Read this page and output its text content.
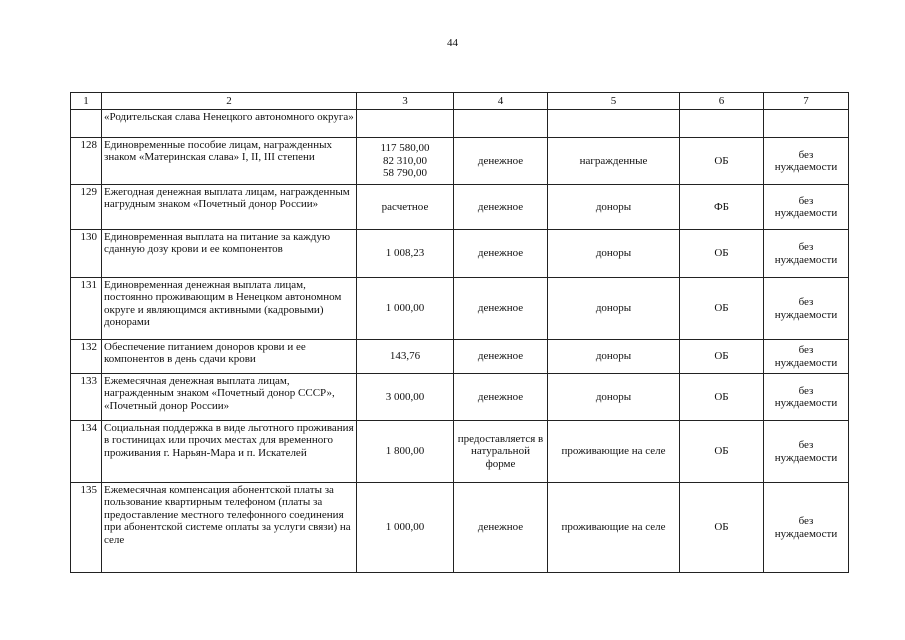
44
1	2	3	4	5	6	7
	«Родительская слава Ненецкого автономного округа»					
128	Единовременные пособие лицам, награжденных знаком «Материнская слава» I, II, III степени	117 580,00
82 310,00
58 790,00	денежное	награжденные	ОБ	без нуждаемости
129	Ежегодная денежная выплата лицам, награжденным нагрудным знаком «Почетный донор России»	расчетное	денежное	доноры	ФБ	без нуждаемости
130	Единовременная выплата на питание за каждую сданную дозу крови и ее компонентов	1 008,23	денежное	доноры	ОБ	без нуждаемости
131	Единовременная денежная выплата лицам, постоянно проживающим в Ненецком автономном округе и являющимся активными (кадровыми) донорами	1 000,00	денежное	доноры	ОБ	без нуждаемости
132	Обеспечение питанием доноров крови и ее компонентов в день сдачи крови	143,76	денежное	доноры	ОБ	без нуждаемости
133	Ежемесячная денежная выплата лицам, награжденным знаком «Почетный донор СССР», «Почетный донор России»	3 000,00	денежное	доноры	ОБ	без нуждаемости
134	Социальная поддержка в виде льготного проживания в гостиницах или прочих местах для временного проживания г. Нарьян-Мара и п. Искателей	1 800,00	предоставляется в натуральной форме	проживающие на селе	ОБ	без нуждаемости
135	Ежемесячная компенсация абонентской платы за пользование квартирным телефоном (платы за предоставление местного телефонного соединения при абонентской системе оплаты за услуги связи) на селе	1 000,00	денежное	проживающие на селе	ОБ	без нуждаемости
